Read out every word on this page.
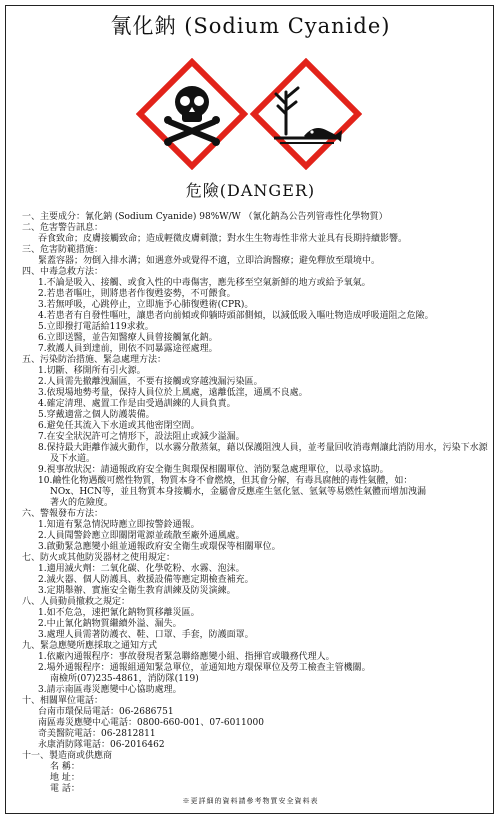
氰化鈉 (Sodium Cyanide)
危險(DANGER)
一、主要成分：氰化鈉 (Sodium Cyanide) 98%W/W （氰化鈉為公告列管毒性化學物質）
二、危害警告訊息：
吞食致命；皮膚接觸致命；造成輕微皮膚刺激；對水生生物毒性非常大並具有長期持續影響。
三、危害防範措施：
緊蓋容器；勿倒入排水溝；如遇意外或覺得不適，立即洽詢醫療；避免釋放至環境中。
四、中毒急救方法：
1.不論是吸入、接觸、或食入性的中毒傷害，應先移至空氣新鮮的地方或給予氧氣。
2.若患者嘔吐，則將患者作復甦姿勢，不可餵食。
3.若無呼吸，心跳停止，立即施予心肺復甦術(CPR)。
4.若患者有自發性嘔吐，讓患者向前傾或仰躺時頭部側傾，以減低吸入嘔吐物造成呼吸道阻之危險。
5.立即撥打電話給119求救。
6.立即送醫，並告知醫療人員曾接觸氰化鈉。
7.救護人員到達前，則依不同暴露途徑處理。
五、污染防治措施、緊急處理方法：
1.切斷、移開所有引火源。
2.人員需先撤離洩漏區，不要有接觸或穿越洩漏污染區。
3.依現場地勢考量，保持人員位於上風處，遠離低漥，通風不良處。
4.確定清理、處置工作是由受過訓練的人員負責。
5.穿戴適當之個人防護裝備。
6.避免任其流入下水道或其他密閉空間。
7.在安全狀況許可之情形下，設法阻止或減少溢漏。
8.保持最大距離作滅火動作，以水霧分散蒸氣，藉以保護阻洩人員，並考量回收消毒劑讓此消防用水，污染下水源及下水道。
9.視事故狀況：請通報政府安全衛生與環保相關單位、消防緊急處理單位，以尋求協助。
10.鹼性化物遇酸可燃性物質，物質本身不會燃燒，但其會分解，有毒具腐蝕的毒性氣體，如：
NOx、HCN等，並且物質本身接觸水，金屬會反應產生氫化氫、氫氣等易燃性氣體而增加洩漏
著火的危險度。
六、警報發布方法：
1.知道有緊急情況時應立即按警鈴通報。
2.人員聞警鈴應立即關閉電源並疏散至廠外通風處。
3.啟動緊急應變小組並通報政府安全衛生或環保等相關單位。
七、防火或其他防災器材之使用規定：
1.適用滅火劑：二氧化碳、化學乾粉、水霧、泡沫。
2.滅火器、個人防護具、救援設備等應定期檢查補充。
3.定期舉辦、實施安全衛生教育訓練及防災演練。
八、人員動員撤救之規定：
1.如不危急，速把氰化鈉物質移離災區。
2.中止氰化鈉物質繼續外溢、漏失。
3.處理人員需著防護衣、鞋、口罩、手套，防護面罩。
九、緊急應變所應採取之通知方式
1.依廠內通報程序：事故發現者緊急聯絡應變小組、指揮官或職務代理人。
2.場外通報程序：通報組通知緊急單位，並通知地方環保單位及勞工檢查主管機關。
南檢所(07)235-4861，消防隊(119)
3.請示南區毒災應變中心協助處理。
十、相關單位電話：
台南市環保局電話：06-2686751
南區毒災應變中心電話：0800-660-001、07-6011000
奇美醫院電話：06-2812811
永康消防隊電話：06-2016462
十一、製造商或供應商
名 稱：
地 址：
電 話：
※更詳細的資料請參考物質安全資料表
